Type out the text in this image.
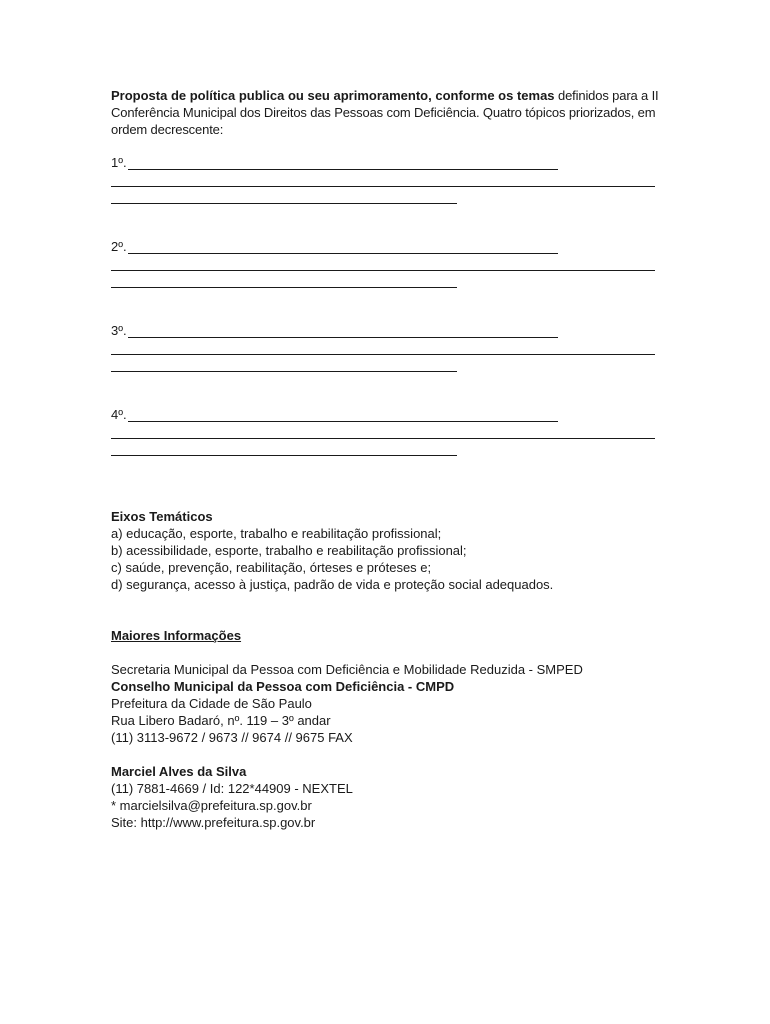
Proposta de política publica ou seu aprimoramento, conforme os temas definidos para a II Conferência Municipal dos Direitos das Pessoas com Deficiência. Quatro tópicos priorizados, em ordem decrescente:
1º.
2º.
3º.
4º.
Eixos Temáticos
a) educação, esporte, trabalho e reabilitação profissional;
b) acessibilidade, esporte, trabalho e reabilitação profissional;
c) saúde, prevenção, reabilitação, órteses e próteses e;
d) segurança, acesso à justiça, padrão de vida e proteção social adequados.
Maiores Informações
Secretaria Municipal da Pessoa com Deficiência e Mobilidade Reduzida - SMPED
Conselho Municipal da Pessoa com Deficiência - CMPD
Prefeitura da Cidade de São Paulo
Rua Libero Badaró, nº. 119 – 3º andar
(11) 3113-9672 / 9673 // 9674 // 9675 FAX
Marciel Alves da Silva
(11) 7881-4669 / Id: 122*44909 - NEXTEL
* marcielsilva@prefeitura.sp.gov.br
Site: http://www.prefeitura.sp.gov.br
